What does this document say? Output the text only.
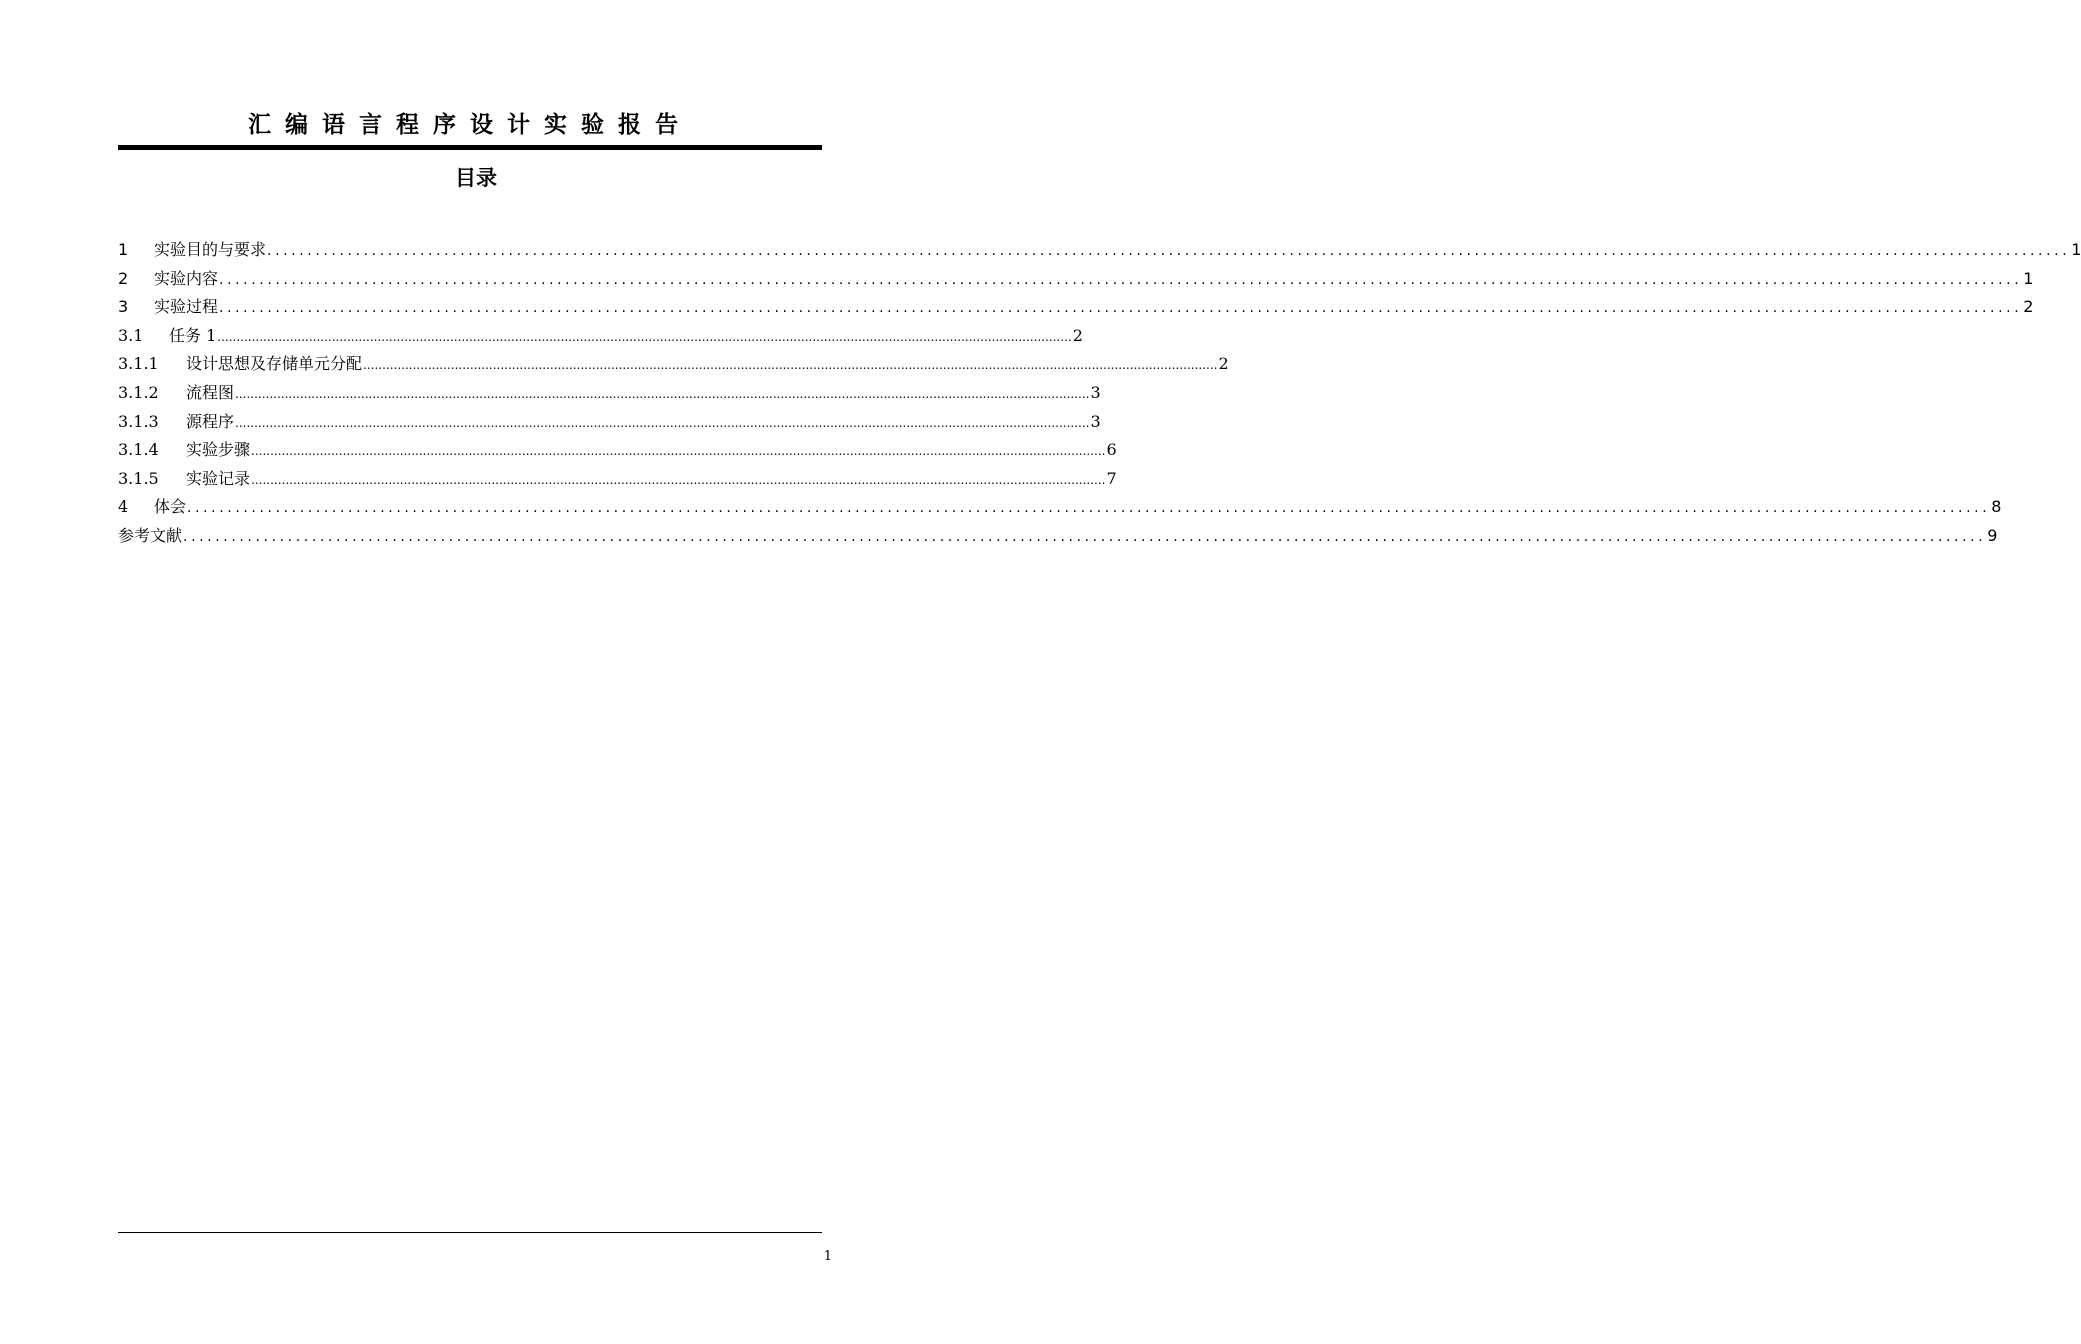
汇编语言程序设计实验报告
目录
1	实验目的与要求 ................................................................................................................................................................................................................................ 1
2	实验内容 ................................................................................................................................................................................................................................ 1
3	实验过程 ................................................................................................................................................................................................................................ 2
3.1	任务 1 ................................................................................................................................................................................................................................ 2
3.1.1	设计思想及存储单元分配 ................................................................................................................................................................................................................................ 2
3.1.2	流程图 ................................................................................................................................................................................................................................ 3
3.1.3	源程序 ................................................................................................................................................................................................................................ 3
3.1.4	实验步骤 ................................................................................................................................................................................................................................ 6
3.1.5	实验记录 ................................................................................................................................................................................................................................ 7
4	体会 ................................................................................................................................................................................................................................ 8
参考文献 ................................................................................................................................................................................................................................ 9
1
